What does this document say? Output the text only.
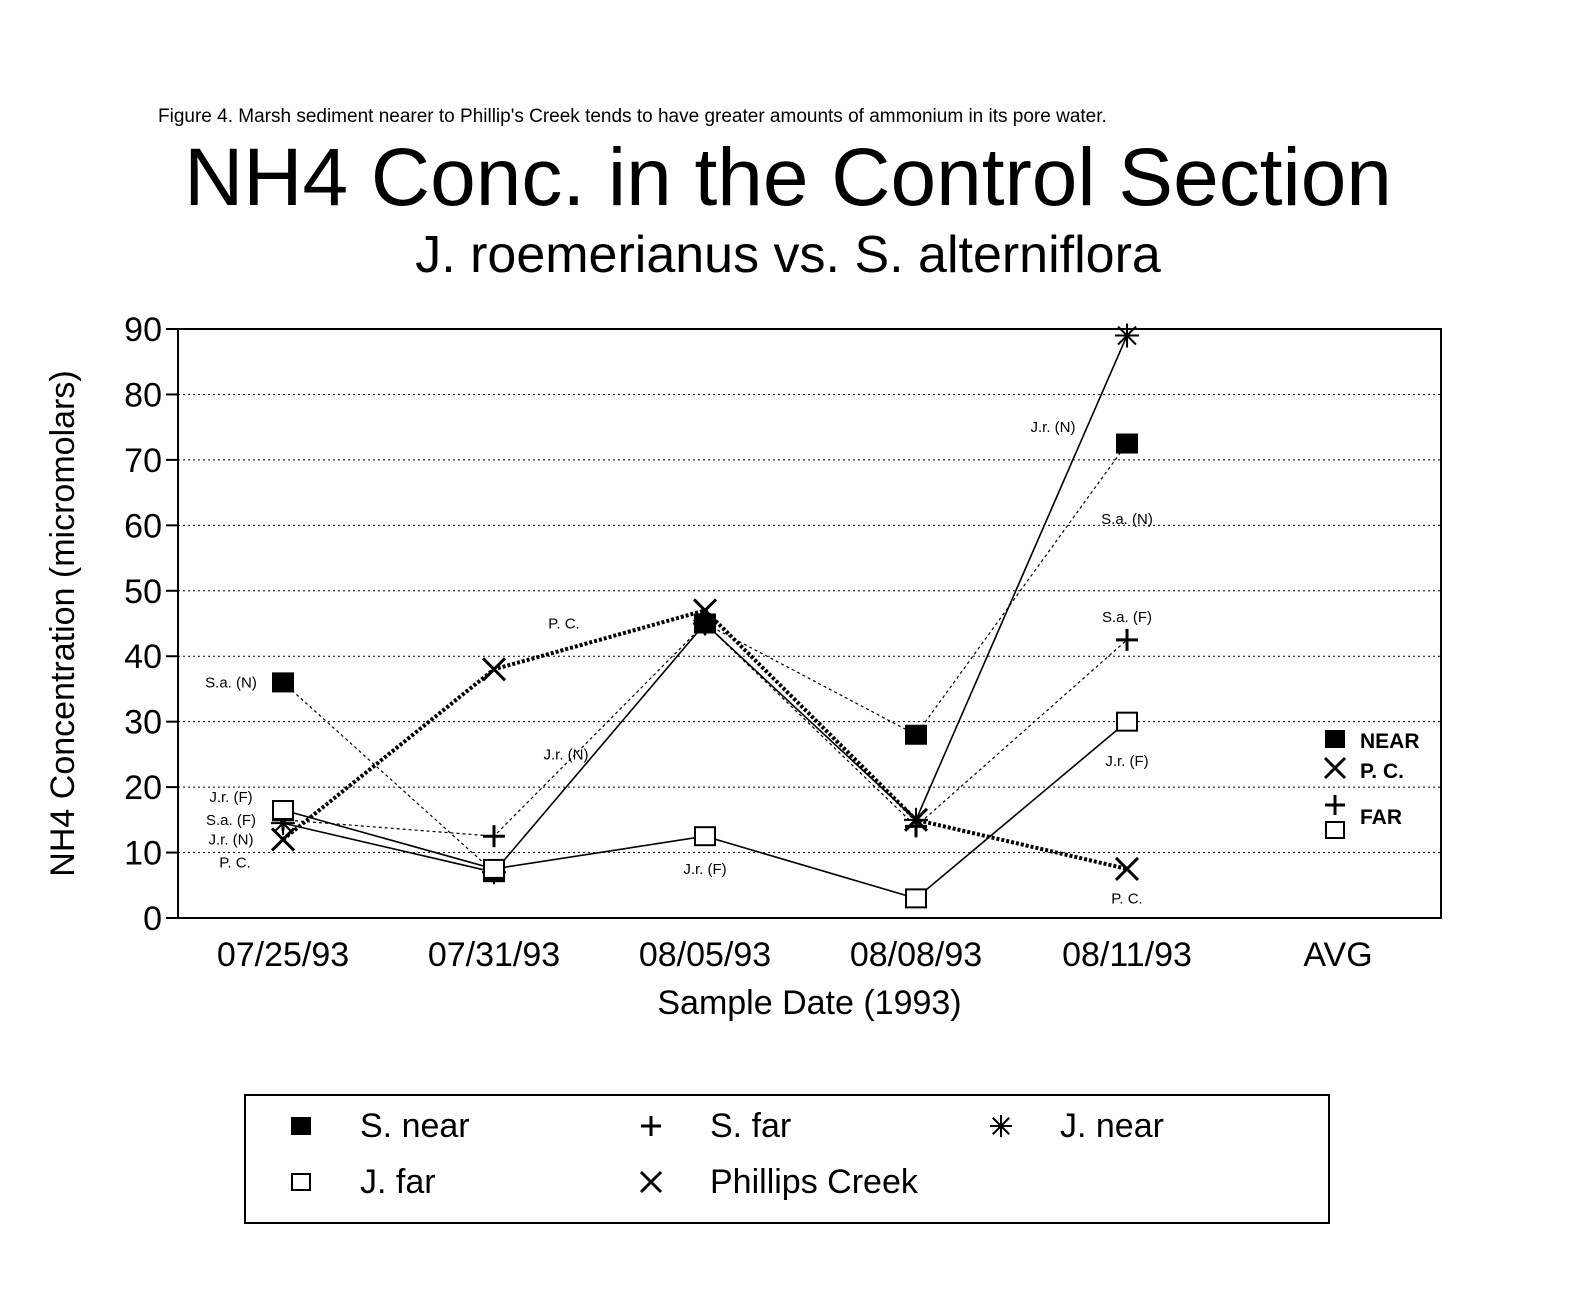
Figure 4. Marsh sediment nearer to Phillip's Creek tends to have greater amounts of ammonium in its pore water.
NH4 Conc. in the Control Section
J. roemerianus vs. S. alterniflora
0
10
20
30
40
50
60
70
80
90
07/25/93 07/31/93 08/05/93 08/08/93 08/11/93	AVG
S.a. (N)
J.r. (F)
S.a. (F)
J.r. (N)
P. C.
P. C.
J.r. (N)
J.r. (F)
J.r. (N)
S.a. (N)
S.a. (F)
J.r. (F)
P. C.
NEAR
P. C.
FAR
Sample Date (1993)
NH4 Concentration (micromolars)
S. near	S. far	J. near
J. far	Phillips Creek
